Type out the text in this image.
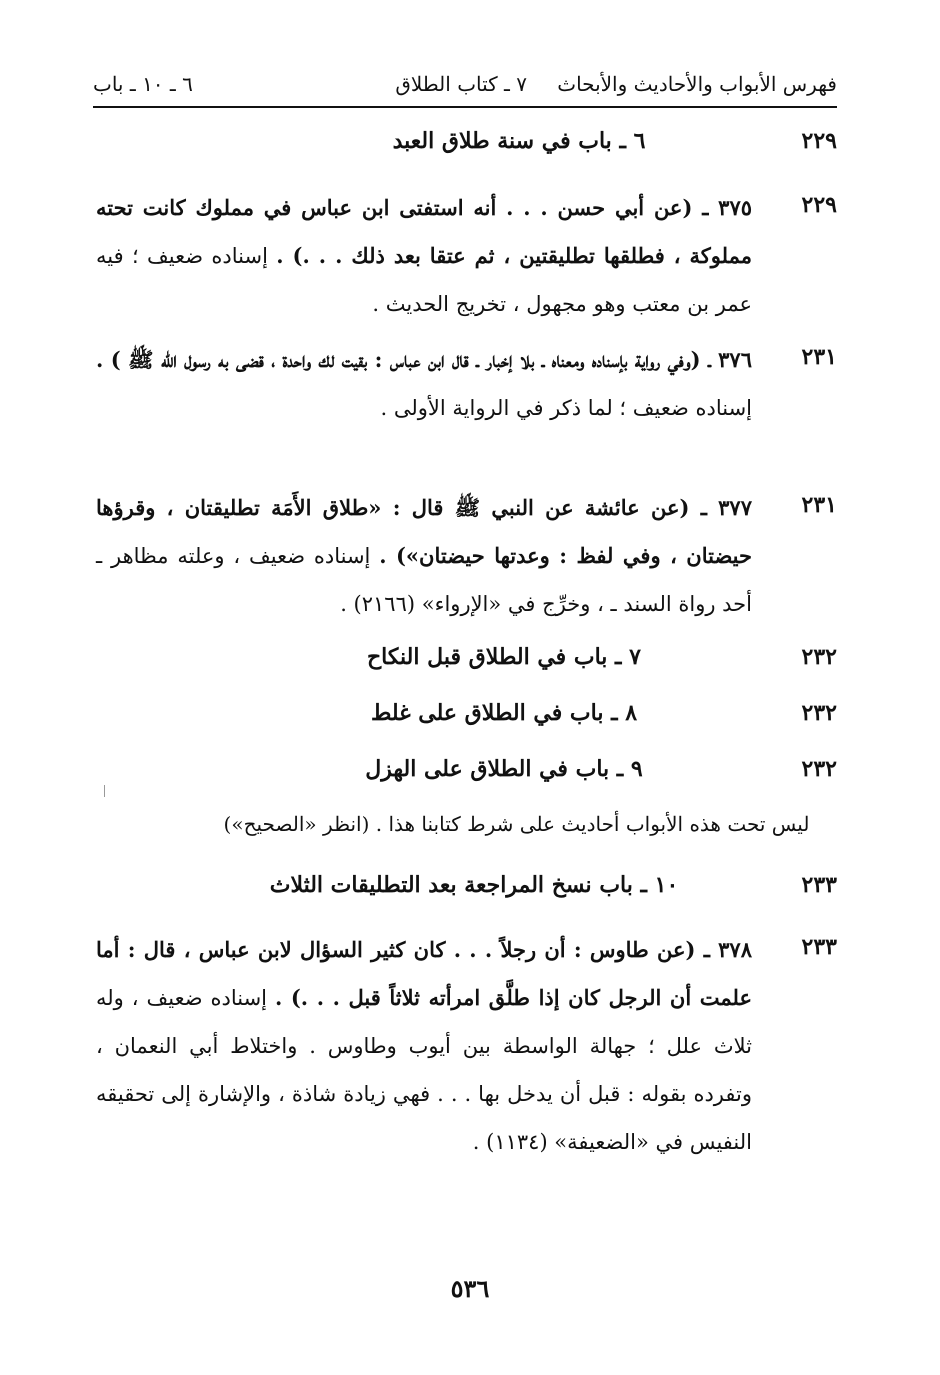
فهرس الأبواب والأحاديث والأبحاث
٧ ـ كتاب الطلاق
٦ ـ ١٠ ـ باب
٢٢٩
٦ ـ باب في سنة طلاق العبد
٢٢٩
٣٧٥ ـ (عن أبي حسن . . . أنه استفتى ابن عباس في مملوك كانت تحته مملوكة ، فطلقها تطليقتين ، ثم عتقا بعد ذلك . . .) . إسناده ضعيف ؛ فيه عمر بن معتب وهو مجهول ، تخريج الحديث .
٢٣١
٣٧٦ ـ (وفي رواية بإسناده ومعناه ـ بلا إخبار ـ قال ابن عباس : بقيت لك واحدة ، قضى به رسول الله ﷺ ) . إسناده ضعيف ؛ لما ذكر في الرواية الأولى .
٢٣١
٣٧٧ ـ (عن عائشة عن النبي ﷺ قال : «طلاق الأَمَة تطليقتان ، وقرؤها حيضتان ، وفي لفظ : وعدتها حيضتان») . إسناده ضعيف ، وعلته مظاهر ـ أحد رواة السند ـ ، وخرِّج في «الإرواء» (٢١٦٦) .
٢٣٢
٧ ـ باب في الطلاق قبل النكاح
٢٣٢
٨ ـ باب في الطلاق على غلط
٢٣٢
٩ ـ باب في الطلاق على الهزل
ليس تحت هذه الأبواب أحاديث على شرط كتابنا هذا . (انظر «الصحيح»)
٢٣٣
١٠ ـ باب نسخ المراجعة بعد التطليقات الثلاث
٢٣٣
٣٧٨ ـ (عن طاوس : أن رجلاً . . . كان كثير السؤال لابن عباس ، قال : أما علمت أن الرجل كان إذا طلَّق امرأته ثلاثاً قبل . . .) . إسناده ضعيف ، وله ثلاث علل ؛ جهالة الواسطة بين أيوب وطاوس . واختلاط أبي النعمان ، وتفرده بقوله : قبل أن يدخل بها . . . فهي زيادة شاذة ، والإشارة إلى تحقيقه النفيس في «الضعيفة» (١١٣٤) .
٥٣٦
